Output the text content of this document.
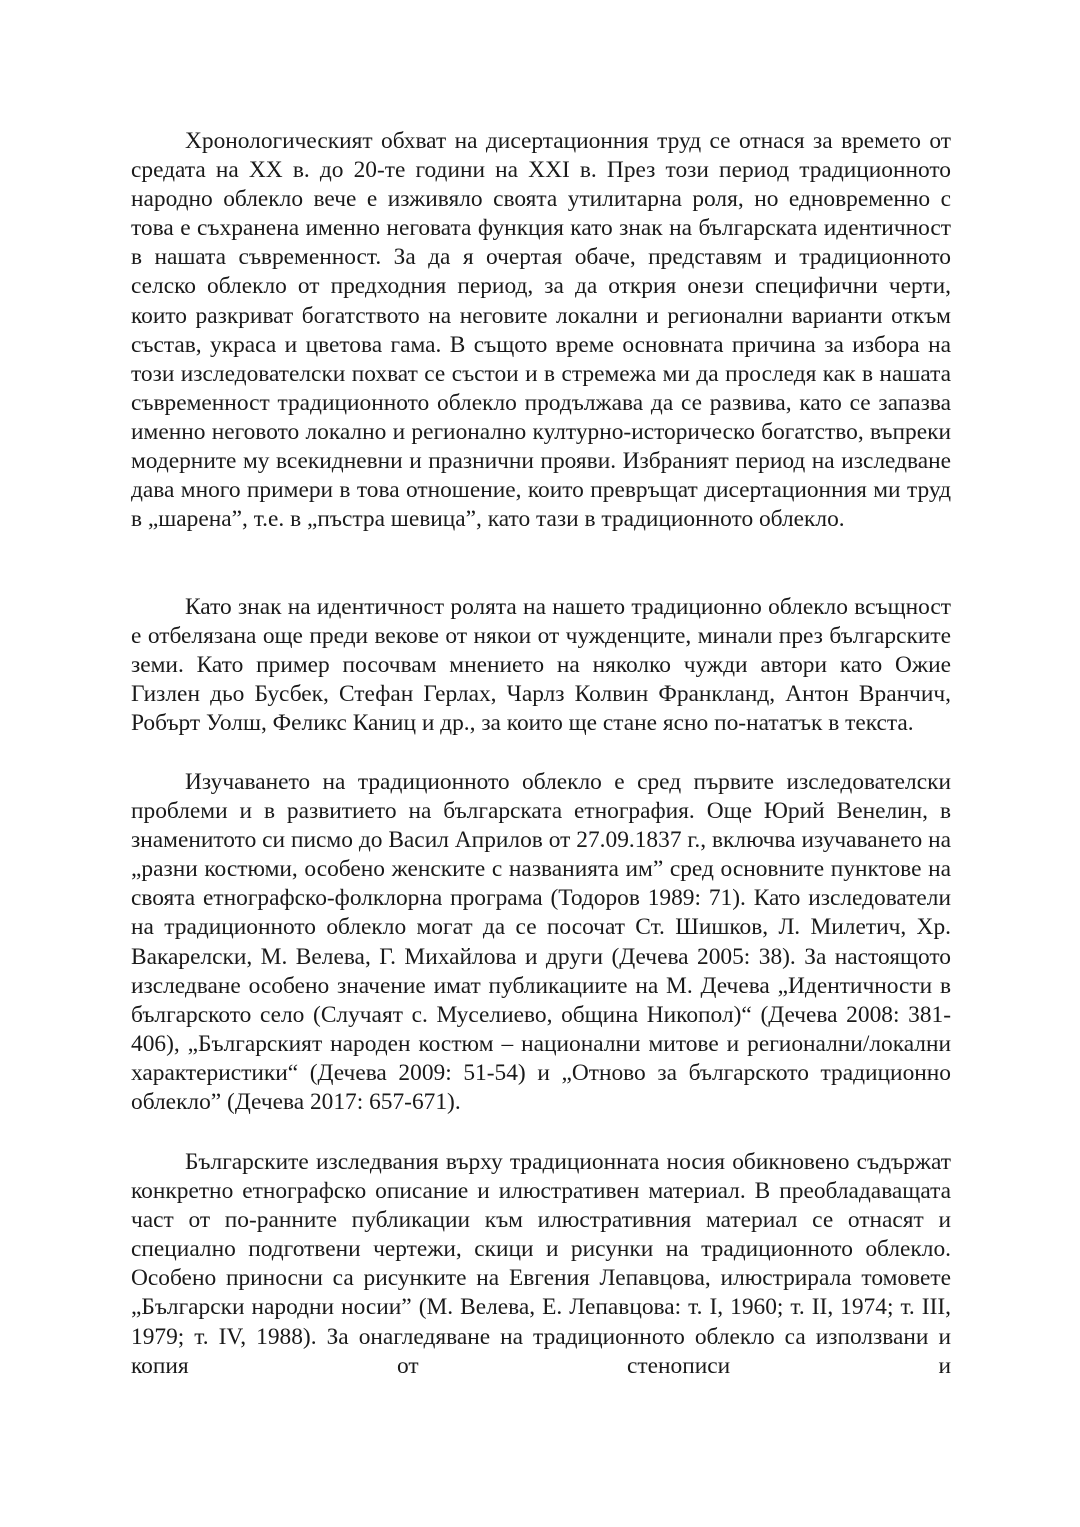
Хронологическият обхват на дисертационния труд се отнася за времето от средата на ХХ в. до 20-те години на ХХІ в. През този период традиционното народно облекло вече е изживяло своята утилитарна роля, но едновременно с това е съхранена именно неговата функция като знак на българската идентичност в нашата съвременност. За да я очертая обаче, представям и традиционното селско облекло от предходния период, за да открия онези специфични черти, които разкриват богатството на неговите локални и регионални варианти откъм състав, украса и цветова гама. В същото време основната причина за избора на този изследователски похват се състои и в стремежа ми да проследя как в нашата съвременност традиционното облекло продължава да се развива, като се запазва именно неговото локално и регионално културно-историческо богатство, въпреки модерните му всекидневни и празнични прояви. Избраният период на изследване дава много примери в това отношение, които превръщат дисертационния ми труд в „шарена”, т.е. в „пъстра шевица”, като тази в традиционното облекло.

Като знак на идентичност ролята на нашето традиционно облекло всъщност е отбелязана още преди векове от някои от чужденците, минали през българските земи. Като пример посочвам мнението на няколко чужди автори като Ожие Гизлен дьо Бусбек, Стефан Герлах, Чарлз Колвин Франкланд, Антон Вранчич, Робърт Уолш, Феликс Каниц и др., за които ще стане ясно по-нататък в текста.

Изучаването на традиционното облекло е сред първите изследователски проблеми и в развитието на българската етнография. Още Юрий Венелин, в знаменитото си писмо до Васил Априлов от 27.09.1837 г., включва изучаването на „разни костюми, особено женските с названията им” сред основните пунктове на своята етнографско-фолклорна програма (Тодоров 1989: 71). Като изследователи на традиционното облекло могат да се посочат Ст. Шишков, Л. Милетич, Хр. Вакарелски, М. Велева, Г. Михайлова и други (Дечева 2005: 38). За настоящото изследване особено значение имат публикациите на М. Дечева „Идентичности в българското село (Случаят с. Муселиево, община Никопол)“ (Дечева 2008: 381-406), „Българският народен костюм – национални митове и регионални/локални характеристики“ (Дечева 2009: 51-54) и „Отново за българското традиционно облекло” (Дечева 2017: 657-671).

Българските изследвания върху традиционната носия обикновено съдържат конкретно етнографско описание и илюстративен материал. В преобладаващата част от по-ранните публикации към илюстративния материал се отнасят и специално подготвени чертежи, скици и рисунки на традиционното облекло. Особено приносни са рисунките на Евгения Лепавцова, илюстрирала томовете „Български народни носии” (М. Велева, Е. Лепавцова: т. І, 1960; т. ІІ, 1974; т. ІІІ, 1979; т. ІV, 1988). За онагледяване на традиционното облекло са използвани и копия от стенописи и
